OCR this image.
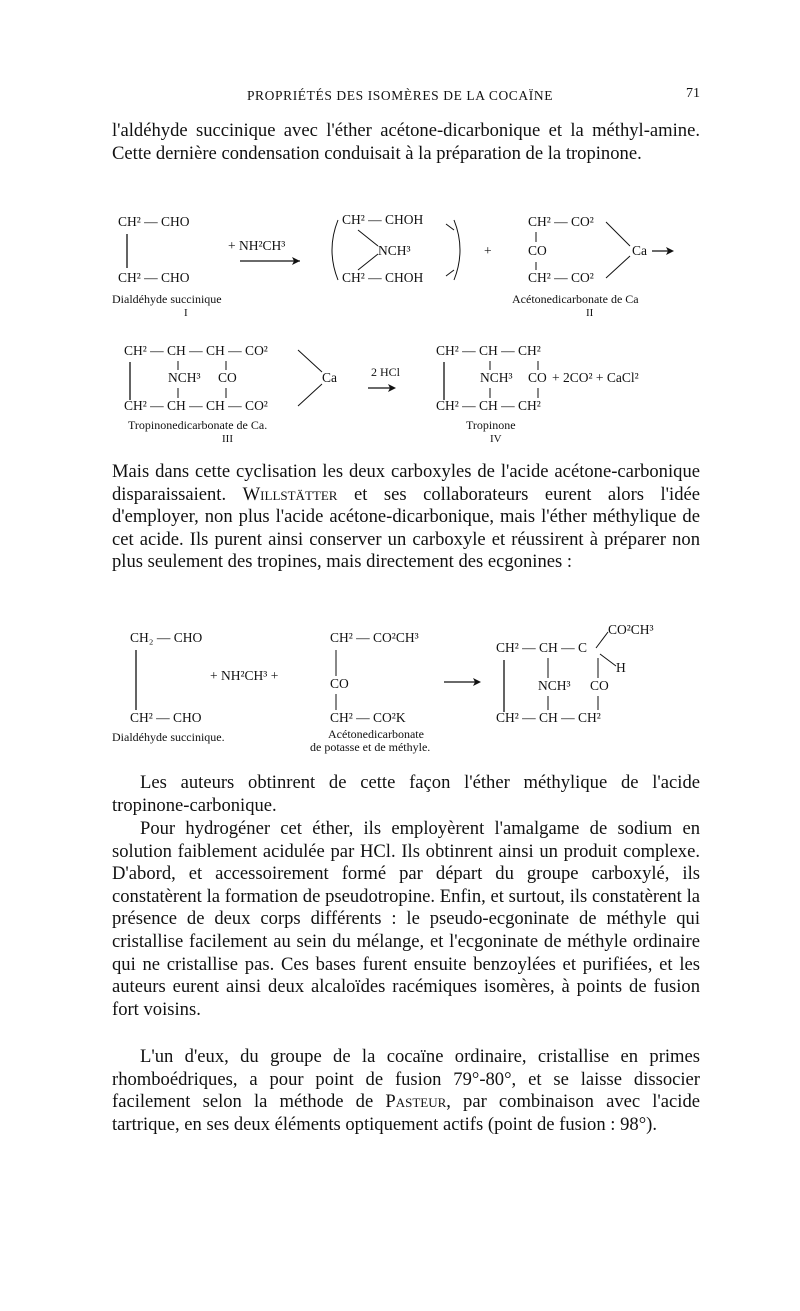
PROPRIÉTÉS DES ISOMÈRES DE LA COCAÏNE	71

l'aldéhyde succinique avec l'éther acétone-dicarbonique et la méthyl-amine. Cette dernière condensation conduisait à la préparation de la tropinone.

CH² — CHO
CH² — CHO
Dialdéhyde succinique
I
+ NH²CH³
CH² — CHOH
NCH³
CH² — CHOH
+
CH² — CO²
CO
CH² — CO²
Ca
Acétonedicarbonate de Ca
II
CH² — CH — CH — CO²
NCH³ CO
CH² — CH — CH — CO²
Ca
Tropinonedicarbonate de Ca.
III
2 HCl
CH² — CH — CH²
NCH³ CO + 2CO² + CaCl²
CH² — CH — CH²
Tropinone
IV

Mais dans cette cyclisation les deux carboxyles de l'acide acétone-carbonique disparaissaient. Willstätter et ses collaborateurs eurent alors l'idée d'employer, non plus l'acide acétone-dicarbonique, mais l'éther méthylique de cet acide. Ils purent ainsi conserver un carboxyle et réussirent à préparer non plus seulement des tropines, mais directement des ecgonines :

CH₂ — CHO
CH² — CHO
Dialdéhyde succinique.
+ NH²CH³ +
CH² — CO²CH³
CO
CH² — CO²K
Acétonedicarbonate
de potasse et de méthyle.
CO²CH³
CH² — CH — C
H
NCH³ CO
CH² — CH — CH²

Les auteurs obtinrent de cette façon l'éther méthylique de l'acide tropinone-carbonique.

Pour hydrogéner cet éther, ils employèrent l'amalgame de sodium en solution faiblement acidulée par HCl. Ils obtinrent ainsi un produit complexe. D'abord, et accessoirement formé par départ du groupe carboxylé, ils constatèrent la formation de pseudotropine. Enfin, et surtout, ils constatèrent la présence de deux corps différents : le pseudo-ecgoninate de méthyle qui cristallise facilement au sein du mélange, et l'ecgoninate de méthyle ordinaire qui ne cristallise pas. Ces bases furent ensuite benzoylées et purifiées, et les auteurs eurent ainsi deux alcaloïdes racémiques isomères, à points de fusion fort voisins.

L'un d'eux, du groupe de la cocaïne ordinaire, cristallise en primes rhomboédriques, a pour point de fusion 79°-80°, et se laisse dissocier facilement selon la méthode de Pasteur, par combinaison avec l'acide tartrique, en ses deux éléments optiquement actifs (point de fusion : 98°).
